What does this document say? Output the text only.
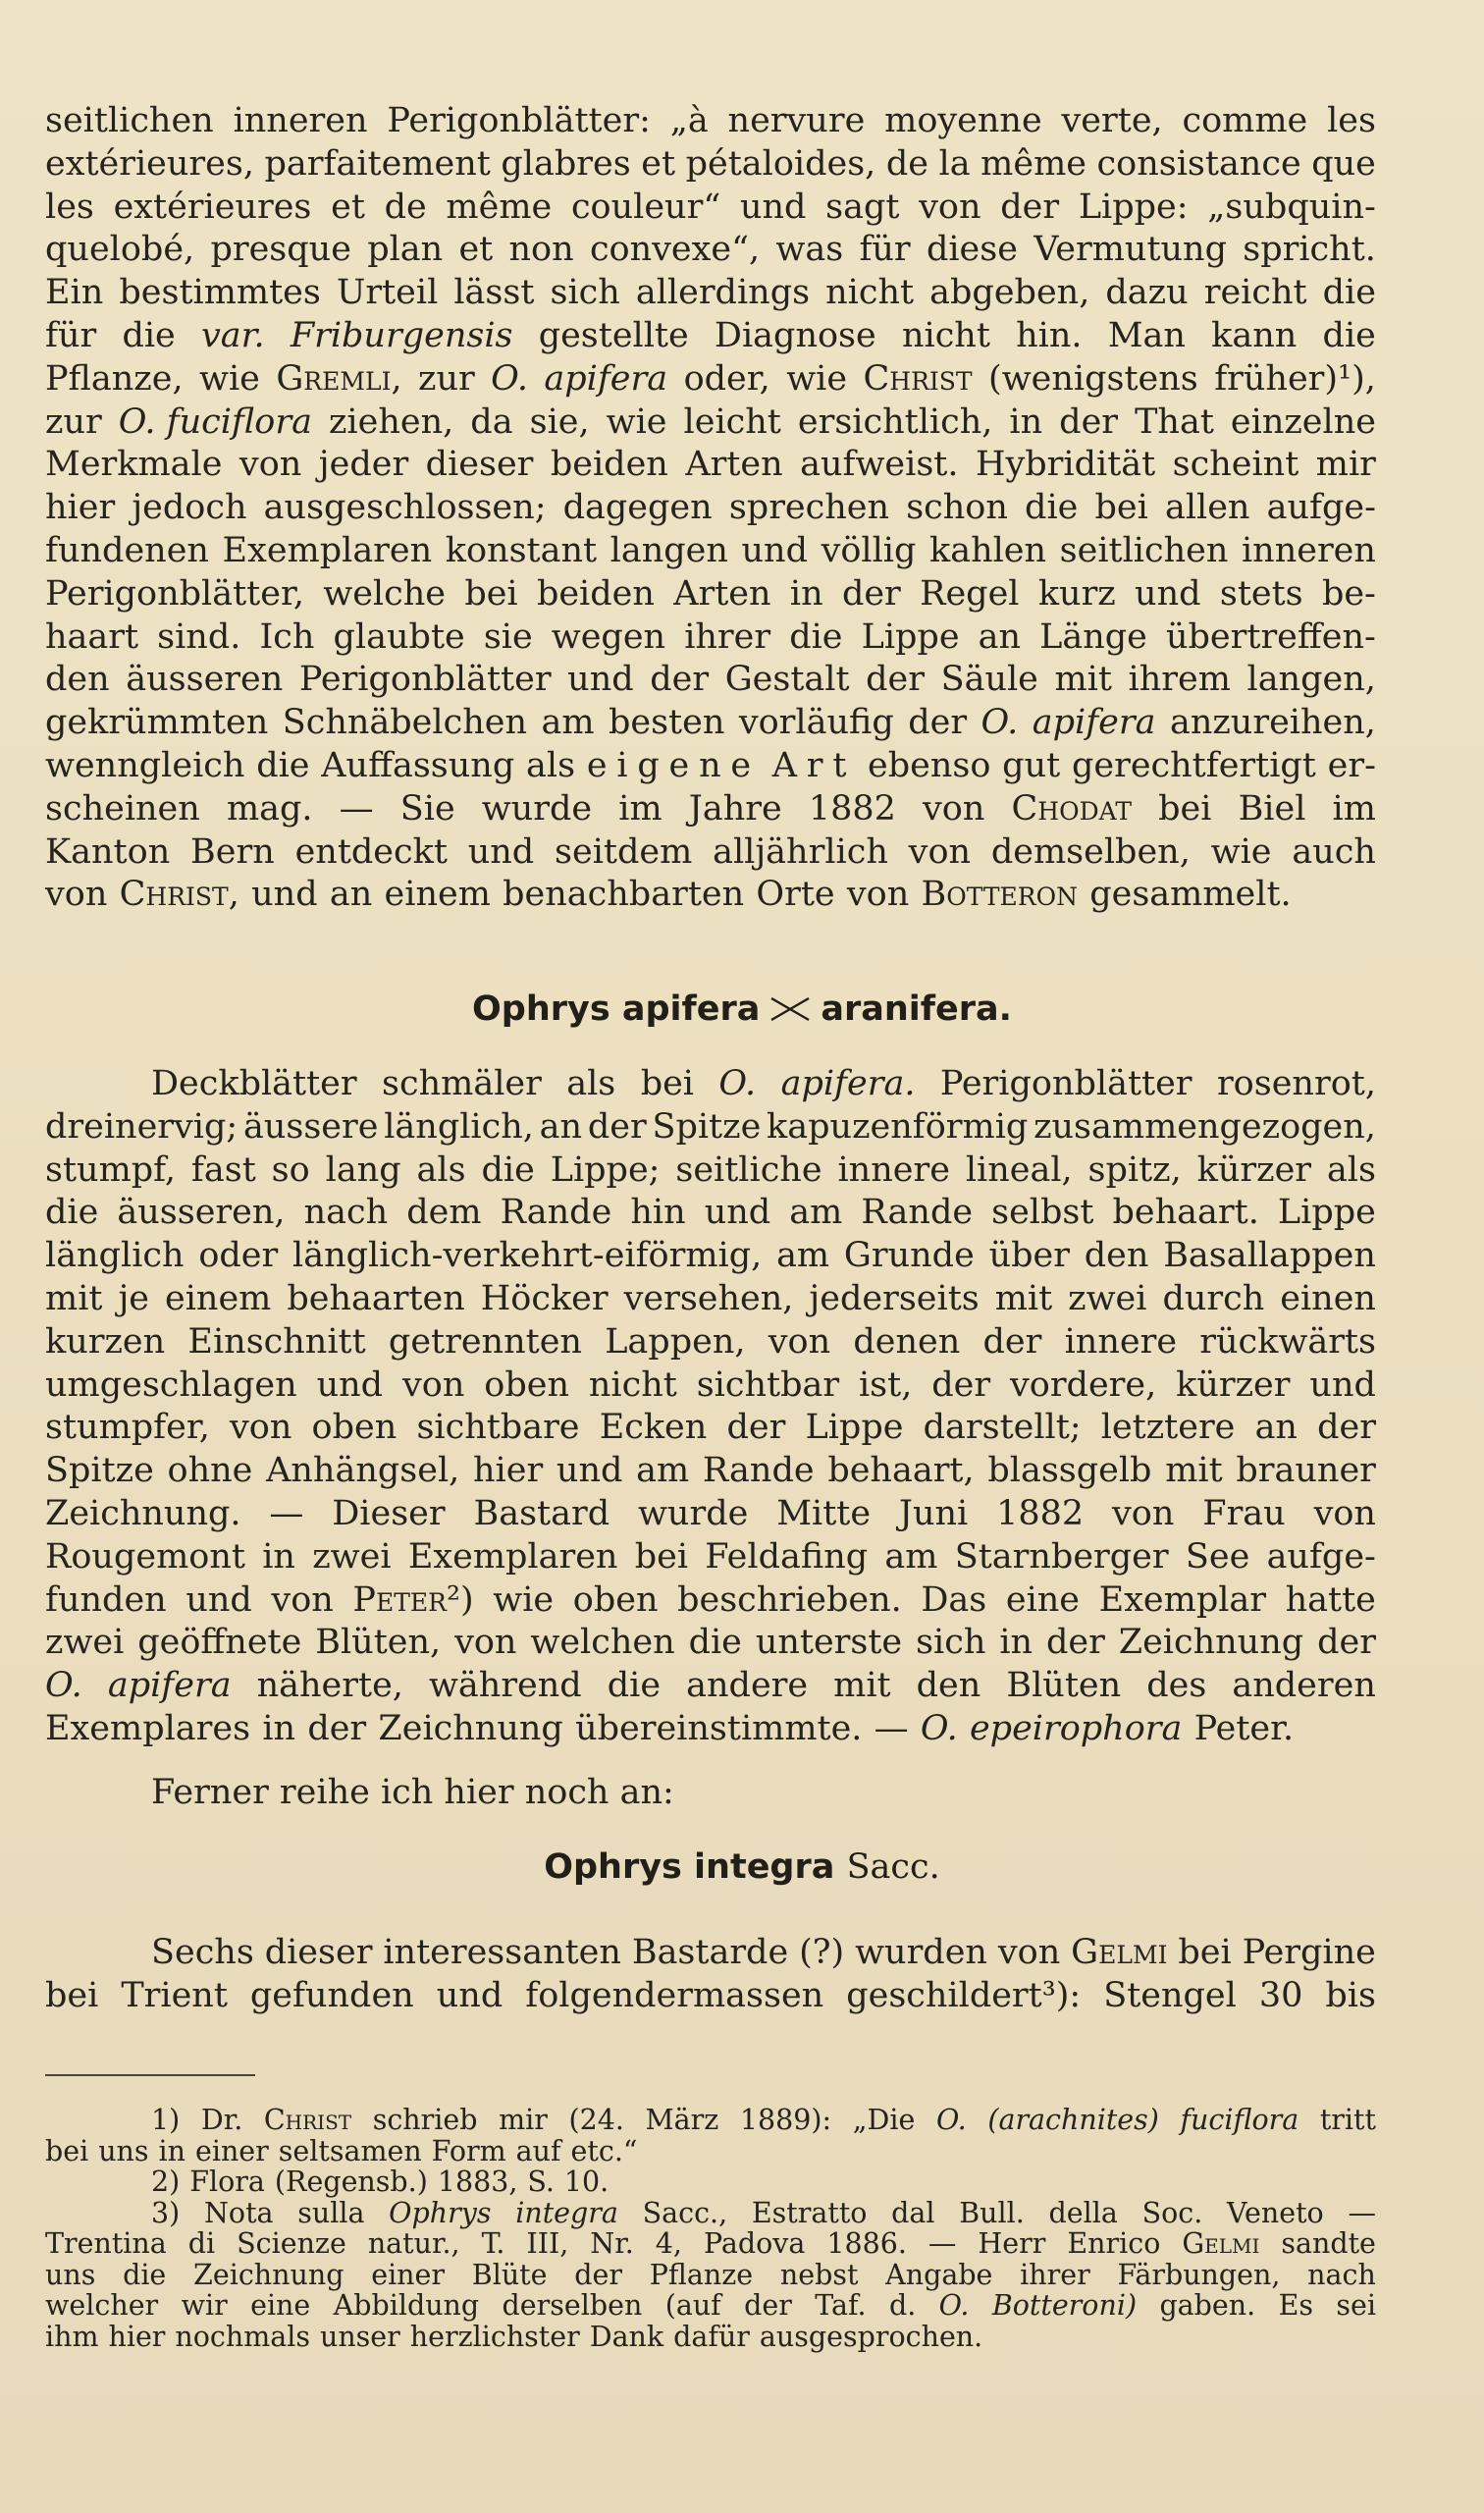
seitlichen inneren Perigonblätter: „à nervure moyenne verte, comme les
extérieures, parfaitement glabres et pétaloides, de la même consistance que
les extérieures et de même couleur“ und sagt von der Lippe: „subquin-
quelobé, presque plan et non convexe“, was für diese Vermutung spricht.
Ein bestimmtes Urteil lässt sich allerdings nicht abgeben, dazu reicht die
für die var. Friburgensis gestellte Diagnose nicht hin. Man kann die
Pflanze, wie Gremli, zur O. apifera oder, wie Christ (wenigstens früher)¹),
zur O. fuciflora ziehen, da sie, wie leicht ersichtlich, in der That einzelne
Merkmale von jeder dieser beiden Arten aufweist. Hybridität scheint mir
hier jedoch ausgeschlossen; dagegen sprechen schon die bei allen aufge-
fundenen Exemplaren konstant langen und völlig kahlen seitlichen inneren
Perigonblätter, welche bei beiden Arten in der Regel kurz und stets be-
haart sind. Ich glaubte sie wegen ihrer die Lippe an Länge übertreffen-
den äusseren Perigonblätter und der Gestalt der Säule mit ihrem langen,
gekrümmten Schnäbelchen am besten vorläufig der O. apifera anzureihen,
wenngleich die Auffassung als eigene Art ebenso gut gerechtfertigt er-
scheinen mag. — Sie wurde im Jahre 1882 von Chodat bei Biel im
Kanton Bern entdeckt und seitdem alljährlich von demselben, wie auch
von Christ, und an einem benachbarten Orte von Botteron gesammelt.
Ophrys apifera aranifera.
Deckblätter schmäler als bei O. apifera. Perigonblätter rosenrot,
dreinervig; äussere länglich, an der Spitze kapuzenförmig zusammengezogen,
stumpf, fast so lang als die Lippe; seitliche innere lineal, spitz, kürzer als
die äusseren, nach dem Rande hin und am Rande selbst behaart. Lippe
länglich oder länglich-verkehrt-eiförmig, am Grunde über den Basallappen
mit je einem behaarten Höcker versehen, jederseits mit zwei durch einen
kurzen Einschnitt getrennten Lappen, von denen der innere rückwärts
umgeschlagen und von oben nicht sichtbar ist, der vordere, kürzer und
stumpfer, von oben sichtbare Ecken der Lippe darstellt; letztere an der
Spitze ohne Anhängsel, hier und am Rande behaart, blassgelb mit brauner
Zeichnung. — Dieser Bastard wurde Mitte Juni 1882 von Frau von
Rougemont in zwei Exemplaren bei Feldafing am Starnberger See aufge-
funden und von Peter²) wie oben beschrieben. Das eine Exemplar hatte
zwei geöffnete Blüten, von welchen die unterste sich in der Zeichnung der
O. apifera näherte, während die andere mit den Blüten des anderen
Exemplares in der Zeichnung übereinstimmte. — O. epeirophora Peter.
Ferner reihe ich hier noch an:
Ophrys integra Sacc.
Sechs dieser interessanten Bastarde (?) wurden von Gelmi bei Pergine
bei Trient gefunden und folgendermassen geschildert³): Stengel 30 bis
1) Dr. Christ schrieb mir (24. März 1889): „Die O. (arachnites) fuciflora tritt
bei uns in einer seltsamen Form auf etc.“
2) Flora (Regensb.) 1883, S. 10.
3) Nota sulla Ophrys integra Sacc., Estratto dal Bull. della Soc. Veneto —
Trentina di Scienze natur., T. III, Nr. 4, Padova 1886. — Herr Enrico Gelmi sandte
uns die Zeichnung einer Blüte der Pflanze nebst Angabe ihrer Färbungen, nach
welcher wir eine Abbildung derselben (auf der Taf. d. O. Botteroni) gaben. Es sei
ihm hier nochmals unser herzlichster Dank dafür ausgesprochen.
